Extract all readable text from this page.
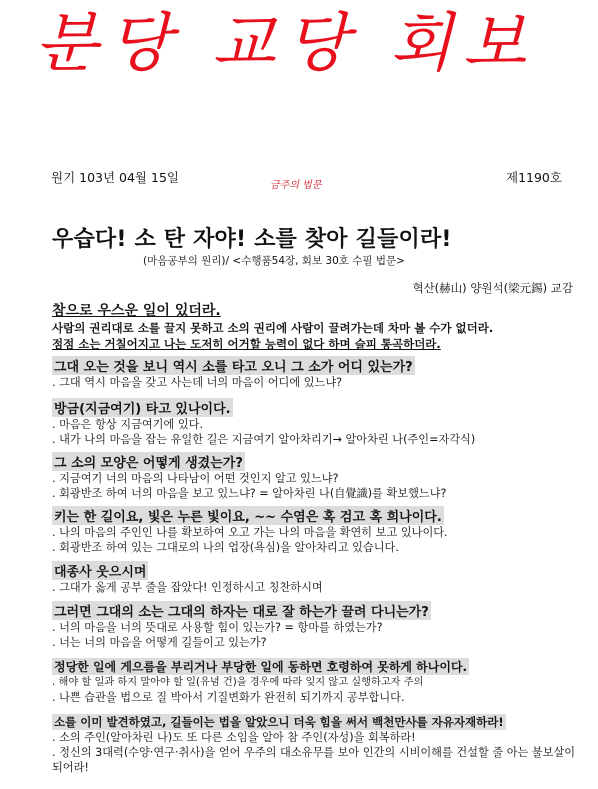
분당 교당 회보
원기 103년 04월 15일
금주의 법문
제1190호
우습다! 소 탄 자야! 소를 찾아 길들이라!
(마음공부의 원리)/ <수행품54장, 회보 30호 수필 법문>
혁산(赫山) 양원석(梁元錫) 교감
참으로 우스운 일이 있더라.
사람의 권리대로 소를 끌지 못하고 소의 권리에 사람이 끌려가는데 차마 볼 수가 없더라.
점점 소는 거칠어지고 나는 도저히 어거할 능력이 없다 하며 슬피 통곡하더라.
그대 오는 것을 보니 역시 소를 타고 오니 그 소가 어디 있는가?
. 그대 역시 마음을 갖고 사는데 너의 마음이 어디에 있느냐?
방금(지금여기) 타고 있나이다.
. 마음은 항상 지금여기에 있다.
. 내가 나의 마음을 잡는 유일한 길은 지금여기 알아차리기→ 알아차린 나(주인=자각식)
그 소의 모양은 어떻게 생겼는가?
. 지금여기 너의 마음의 나타남이 어떤 것인지 알고 있느냐?
. 회광반조 하여 너의 마음을 보고 있느냐? = 알아차린 나(自覺識)를 확보했느냐?
키는 한 길이요, 빛은 누른 빛이요, ~~ 수염은 혹 검고 혹 희나이다.
. 나의 마음의 주인인 나를 확보하여 오고 가는 나의 마음을 확연히 보고 있나이다.
. 회광반조 하여 있는 그대로의 나의 업장(욕심)을 알아차리고 있습니다.
대종사 웃으시며
. 그대가 옳게 공부 줄을 잡았다! 인정하시고 칭찬하시며
그러면 그대의 소는 그대의 하자는 대로 잘 하는가 끌려 다니는가?
. 너의 마음을 너의 뜻대로 사용할 힘이 있는가? = 항마를 하였는가?
. 너는 너의 마음을 어떻게 길들이고 있는가?
정당한 일에 게으름을 부리거나 부당한 일에 동하면 호령하여 못하게 하나이다.
. 해야 할 일과 하지 말아야 할 일(유념 건)을 경우에 따라 잊지 않고 실행하고자 주의
. 나쁜 습관을 법으로 질 박아서 기질변화가 완전히 되기까지 공부합니다.
소를 이미 발견하였고, 길들이는 법을 알았으니 더욱 힘을 써서 백천만사를 자유자재하라!
. 소의 주인(알아차린 나)도 또 다른 소임을 알아 참 주인(자성)을 회복하라!
. 정신의 3대력(수양·연구·취사)을 얻어 우주의 대소유무를 보아 인간의 시비이해를 건설할 줄 아는 불보살이 되어라!
